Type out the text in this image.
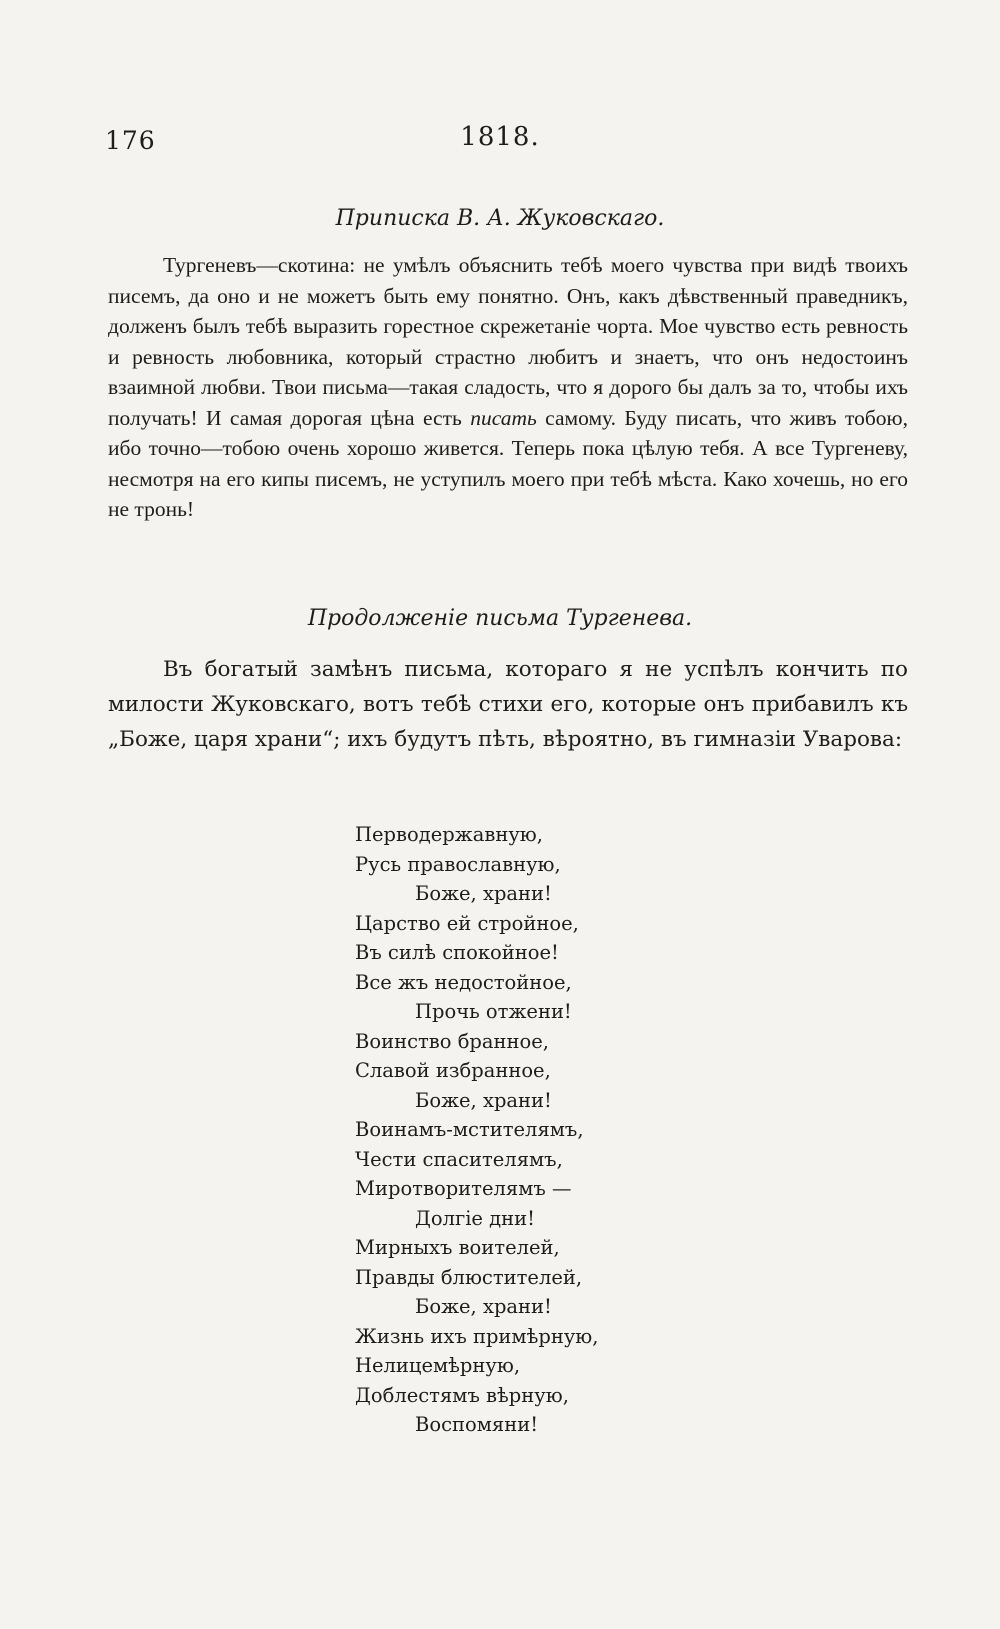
176	1818.
Приписка В. А. Жуковскаго.

Тургеневъ—скотина: не умѣлъ объяснить тебѣ моего чувства при видѣ твоихъ писемъ, да оно и не можетъ быть ему понятно. Онъ, какъ дѣвственный праведникъ, долженъ былъ тебѣ выразить горестное скрежетаніе чорта. Мое чувство есть ревность и ревность любовника, который страстно любитъ и знаетъ, что онъ недостоинъ взаимной любви. Твои письма—такая сладость, что я дорого бы далъ за то, чтобы ихъ получать! И самая дорогая цѣна есть писать самому. Буду писать, что живъ тобою, ибо точно—тобою очень хорошо живется. Теперь пока цѣлую тебя. А все Тургеневу, несмотря на его кипы писемъ, не уступилъ моего при тебѣ мѣста. Како хочешь, но его не тронь!

Продолженіе письма Тургенева.

Въ богатый замѣнъ письма, котораго я не успѣлъ кончить по милости Жуковскаго, вотъ тебѣ стихи его, которые онъ прибавилъ къ „Боже, царя храни“; ихъ будутъ пѣть, вѣроятно, въ гимназіи Уварова:

Перводержавную,
Русь православную,
Боже, храни!
Царство ей стройное,
Въ силѣ спокойное!
Все жъ недостойное,
Прочь отжени!
Воинство бранное,
Славой избранное,
Боже, храни!
Воинамъ-мстителямъ,
Чести спасителямъ,
Миротворителямъ —
Долгіе дни!
Мирныхъ воителей,
Правды блюстителей,
Боже, храни!
Жизнь ихъ примѣрную,
Нелицемѣрную,
Доблестямъ вѣрную,
Воспомяни!
